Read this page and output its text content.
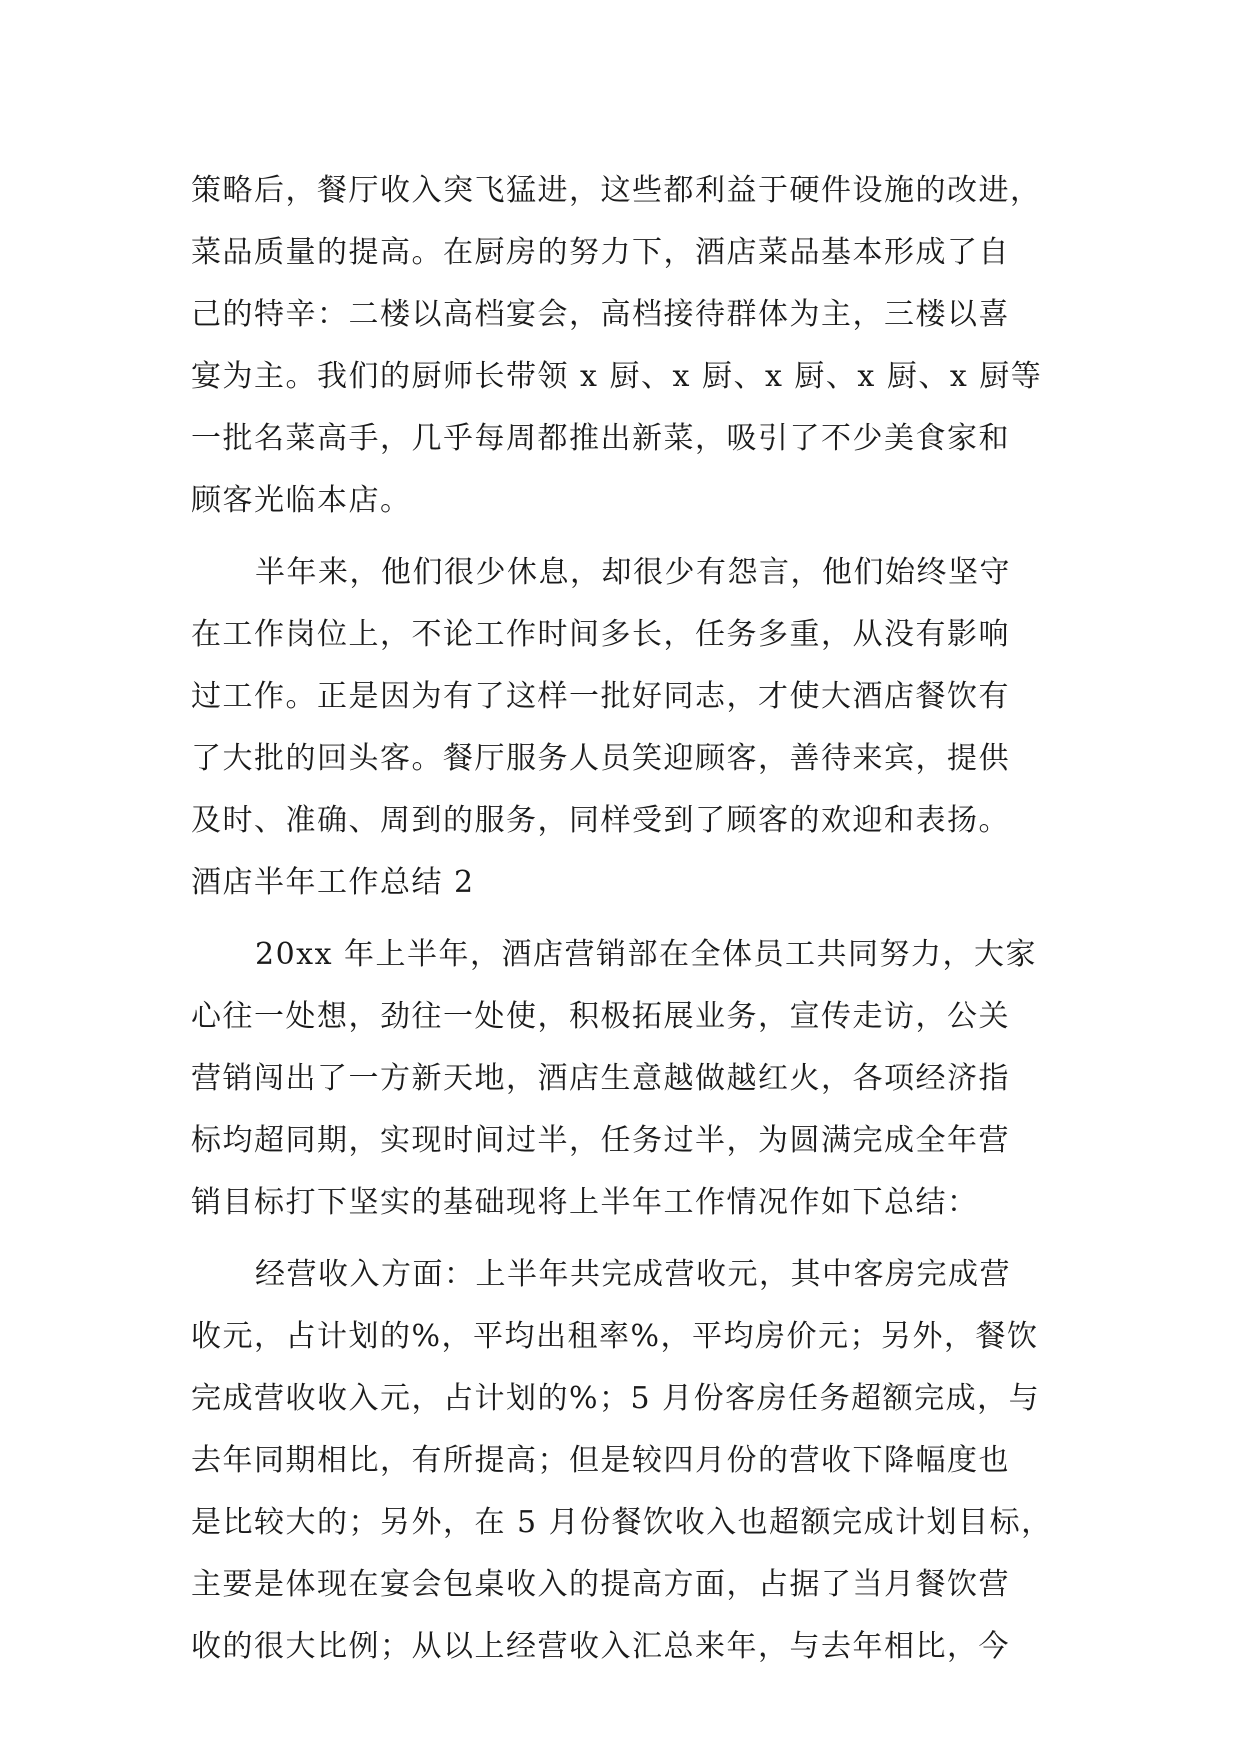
策略后，餐厅收入突飞猛进，这些都利益于硬件设施的改进，
菜品质量的提高。在厨房的努力下，酒店菜品基本形成了自
己的特辛：二楼以高档宴会，高档接待群体为主，三楼以喜
宴为主。我们的厨师长带领 x 厨、x 厨、x 厨、x 厨、x 厨等
一批名菜高手，几乎每周都推出新菜，吸引了不少美食家和
顾客光临本店。
半年来，他们很少休息，却很少有怨言，他们始终坚守
在工作岗位上，不论工作时间多长，任务多重，从没有影响
过工作。正是因为有了这样一批好同志，才使大酒店餐饮有
了大批的回头客。餐厅服务人员笑迎顾客，善待来宾，提供
及时、准确、周到的服务，同样受到了顾客的欢迎和表扬。
酒店半年工作总结 2
20xx 年上半年，酒店营销部在全体员工共同努力，大家
心往一处想，劲往一处使，积极拓展业务，宣传走访，公关
营销闯出了一方新天地，酒店生意越做越红火，各项经济指
标均超同期，实现时间过半，任务过半，为圆满完成全年营
销目标打下坚实的基础现将上半年工作情况作如下总结：
经营收入方面：上半年共完成营收元，其中客房完成营
收元，占计划的%，平均出租率%，平均房价元；另外，餐饮
完成营收收入元，占计划的%；5 月份客房任务超额完成，与
去年同期相比，有所提高；但是较四月份的营收下降幅度也
是比较大的；另外，在 5 月份餐饮收入也超额完成计划目标，
主要是体现在宴会包桌收入的提高方面，占据了当月餐饮营
收的很大比例；从以上经营收入汇总来年，与去年相比，今
